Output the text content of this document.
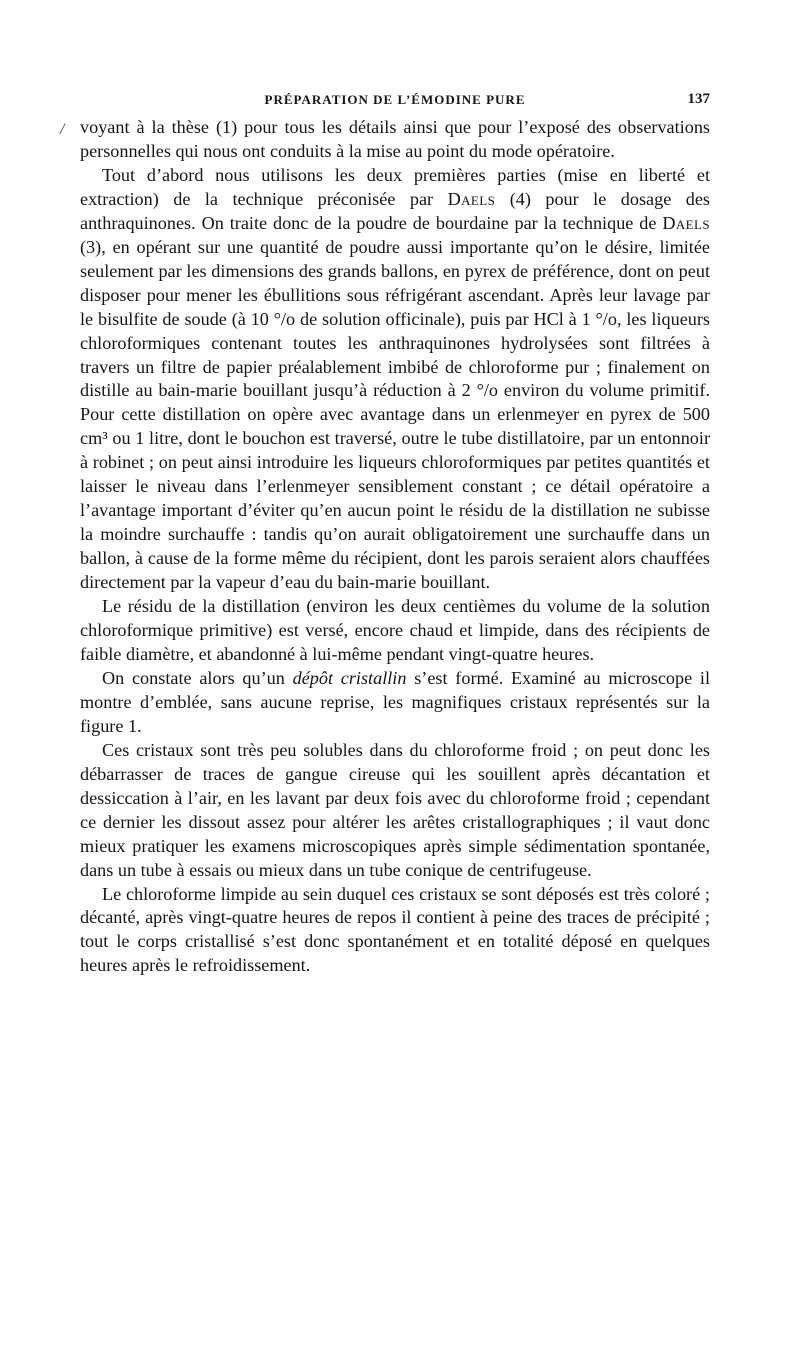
PRÉPARATION DE L’ÉMODINE PURE	137
/ voyant à la thèse (1) pour tous les détails ainsi que pour l’exposé des observations personnelles qui nous ont conduits à la mise au point du mode opératoire.

Tout d’abord nous utilisons les deux premières parties (mise en liberté et extraction) de la technique préconisée par Daels (4) pour le dosage des anthraquinones. On traite donc de la poudre de bourdaine par la technique de Daels (3), en opérant sur une quantité de poudre aussi importante qu’on le désire, limitée seulement par les dimensions des grands ballons, en pyrex de préférence, dont on peut disposer pour mener les ébullitions sous réfrigérant ascendant. Après leur lavage par le bisulfite de soude (à 10 °/o de solution officinale), puis par HCl à 1 °/o, les liqueurs chloroformiques contenant toutes les anthraquinones hydrolysées sont filtrées à travers un filtre de papier préalablement imbibé de chloroforme pur ; finalement on distille au bain-marie bouillant jusqu’à réduction à 2 °/o environ du volume primitif. Pour cette distillation on opère avec avantage dans un erlenmeyer en pyrex de 500 cm³ ou 1 litre, dont le bouchon est traversé, outre le tube distillatoire, par un entonnoir à robinet ; on peut ainsi introduire les liqueurs chloroformiques par petites quantités et laisser le niveau dans l’erlenmeyer sensiblement constant ; ce détail opératoire a l’avantage important d’éviter qu’en aucun point le résidu de la distillation ne subisse la moindre surchauffe : tandis qu’on aurait obligatoirement une surchauffe dans un ballon, à cause de la forme même du récipient, dont les parois seraient alors chauffées directement par la vapeur d’eau du bain-marie bouillant.

Le résidu de la distillation (environ les deux centièmes du volume de la solution chloroformique primitive) est versé, encore chaud et limpide, dans des récipients de faible diamètre, et abandonné à lui-même pendant vingt-quatre heures.

On constate alors qu’un dépôt cristallin s’est formé. Examiné au microscope il montre d’emblée, sans aucune reprise, les magnifiques cristaux représentés sur la figure 1.

Ces cristaux sont très peu solubles dans du chloroforme froid ; on peut donc les débarrasser de traces de gangue cireuse qui les souillent après décantation et dessiccation à l’air, en les lavant par deux fois avec du chloroforme froid ; cependant ce dernier les dissout assez pour altérer les arêtes cristallographiques ; il vaut donc mieux pratiquer les examens microscopiques après simple sédimentation spontanée, dans un tube à essais ou mieux dans un tube conique de centrifugeuse.

Le chloroforme limpide au sein duquel ces cristaux se sont déposés est très coloré ; décanté, après vingt-quatre heures de repos il contient à peine des traces de précipité ; tout le corps cristallisé s’est donc spontanément et en totalité déposé en quelques heures après le refroidissement.
